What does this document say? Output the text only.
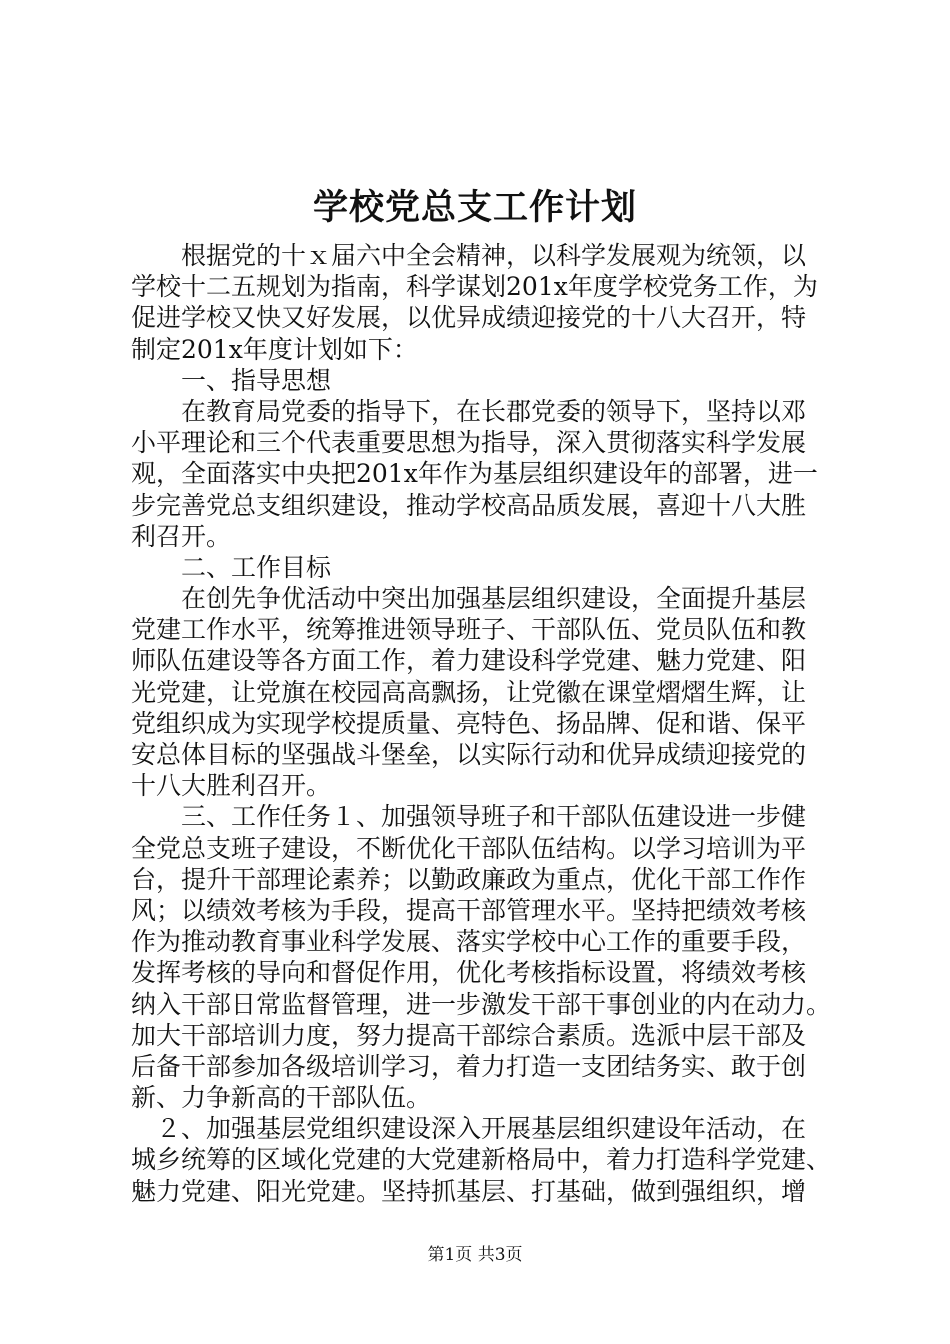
学校党总支工作计划
　　根据党的十ｘ届六中全会精神，以科学发展观为统领，以
学校十二五规划为指南，科学谋划201x年度学校党务工作，为
促进学校又快又好发展，以优异成绩迎接党的十八大召开，特
制定201x年度计划如下：
　　一、指导思想
　　在教育局党委的指导下，在长郡党委的领导下，坚持以邓
小平理论和三个代表重要思想为指导，深入贯彻落实科学发展
观，全面落实中央把201x年作为基层组织建设年的部署，进一
步完善党总支组织建设，推动学校高品质发展，喜迎十八大胜
利召开。
　　二、工作目标
　　在创先争优活动中突出加强基层组织建设，全面提升基层
党建工作水平，统筹推进领导班子、干部队伍、党员队伍和教
师队伍建设等各方面工作，着力建设科学党建、魅力党建、阳
光党建，让党旗在校园高高飘扬，让党徽在课堂熠熠生辉，让
党组织成为实现学校提质量、亮特色、扬品牌、促和谐、保平
安总体目标的坚强战斗堡垒，以实际行动和优异成绩迎接党的
十八大胜利召开。
　　三、工作任务１、加强领导班子和干部队伍建设进一步健
全党总支班子建设，不断优化干部队伍结构。以学习培训为平
台，提升干部理论素养；以勤政廉政为重点，优化干部工作作
风；以绩效考核为手段，提高干部管理水平。坚持把绩效考核
作为推动教育事业科学发展、落实学校中心工作的重要手段，
发挥考核的导向和督促作用，优化考核指标设置，将绩效考核
纳入干部日常监督管理，进一步激发干部干事创业的内在动力。
加大干部培训力度，努力提高干部综合素质。选派中层干部及
后备干部参加各级培训学习，着力打造一支团结务实、敢于创
新、力争新高的干部队伍。
　２、加强基层党组织建设深入开展基层组织建设年活动，在
城乡统筹的区域化党建的大党建新格局中，着力打造科学党建、
魅力党建、阳光党建。坚持抓基层、打基础，做到强组织，增
第1页 共3页
